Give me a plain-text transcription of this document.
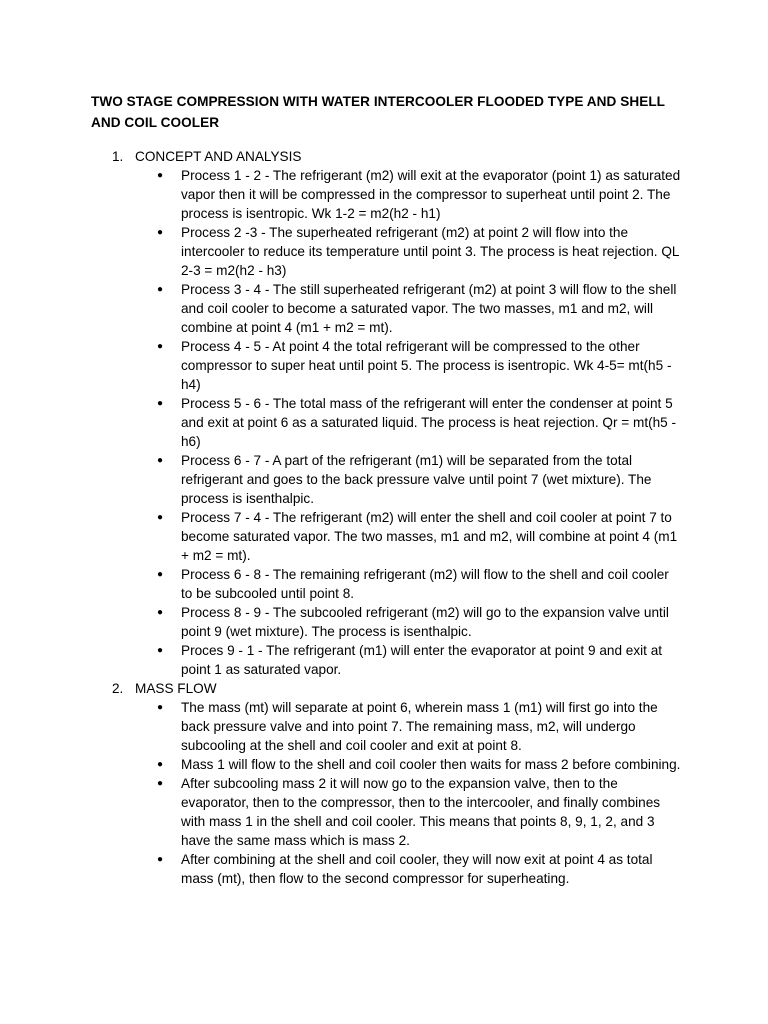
TWO STAGE COMPRESSION WITH WATER INTERCOOLER FLOODED TYPE AND SHELL AND COIL COOLER
1. CONCEPT AND ANALYSIS
● Process 1 - 2 - The refrigerant (m2) will exit at the evaporator (point 1) as saturated vapor then it will be compressed in the compressor to superheat until point 2. The process is isentropic. Wk 1-2 = m2(h2 - h1)
● Process 2 -3 - The superheated refrigerant (m2) at point 2 will flow into the intercooler to reduce its temperature until point 3. The process is heat rejection. QL 2-3 = m2(h2 - h3)
● Process 3 - 4 - The still superheated refrigerant (m2) at point 3 will flow to the shell and coil cooler to become a saturated vapor. The two masses, m1 and m2, will combine at point 4 (m1 + m2 = mt).
● Process 4 - 5 - At point 4 the total refrigerant will be compressed to the other compressor to super heat until point 5. The process is isentropic. Wk 4-5= mt(h5 - h4)
● Process 5 - 6 - The total mass of the refrigerant will enter the condenser at point 5 and exit at point 6 as a saturated liquid. The process is heat rejection. Qr = mt(h5 - h6)
● Process 6 - 7 - A part of the refrigerant (m1) will be separated from the total refrigerant and goes to the back pressure valve until point 7 (wet mixture). The process is isenthalpic.
● Process 7 - 4 - The refrigerant (m2) will enter the shell and coil cooler at point 7 to become saturated vapor. The two masses, m1 and m2, will combine at point 4 (m1 + m2 = mt).
● Process 6 - 8 - The remaining refrigerant (m2) will flow to the shell and coil cooler to be subcooled until point 8.
● Process 8 - 9 - The subcooled refrigerant (m2) will go to the expansion valve until point 9 (wet mixture). The process is isenthalpic.
● Proces 9 - 1 - The refrigerant (m1) will enter the evaporator at point 9 and exit at point 1 as saturated vapor.
2. MASS FLOW
● The mass (mt) will separate at point 6, wherein mass 1 (m1) will first go into the back pressure valve and into point 7. The remaining mass, m2, will undergo subcooling at the shell and coil cooler and exit at point 8.
● Mass 1 will flow to the shell and coil cooler then waits for mass 2 before combining.
● After subcooling mass 2 it will now go to the expansion valve, then to the evaporator, then to the compressor, then to the intercooler, and finally combines with mass 1 in the shell and coil cooler. This means that points 8, 9, 1, 2, and 3 have the same mass which is mass 2.
● After combining at the shell and coil cooler, they will now exit at point 4 as total mass (mt), then flow to the second compressor for superheating.
